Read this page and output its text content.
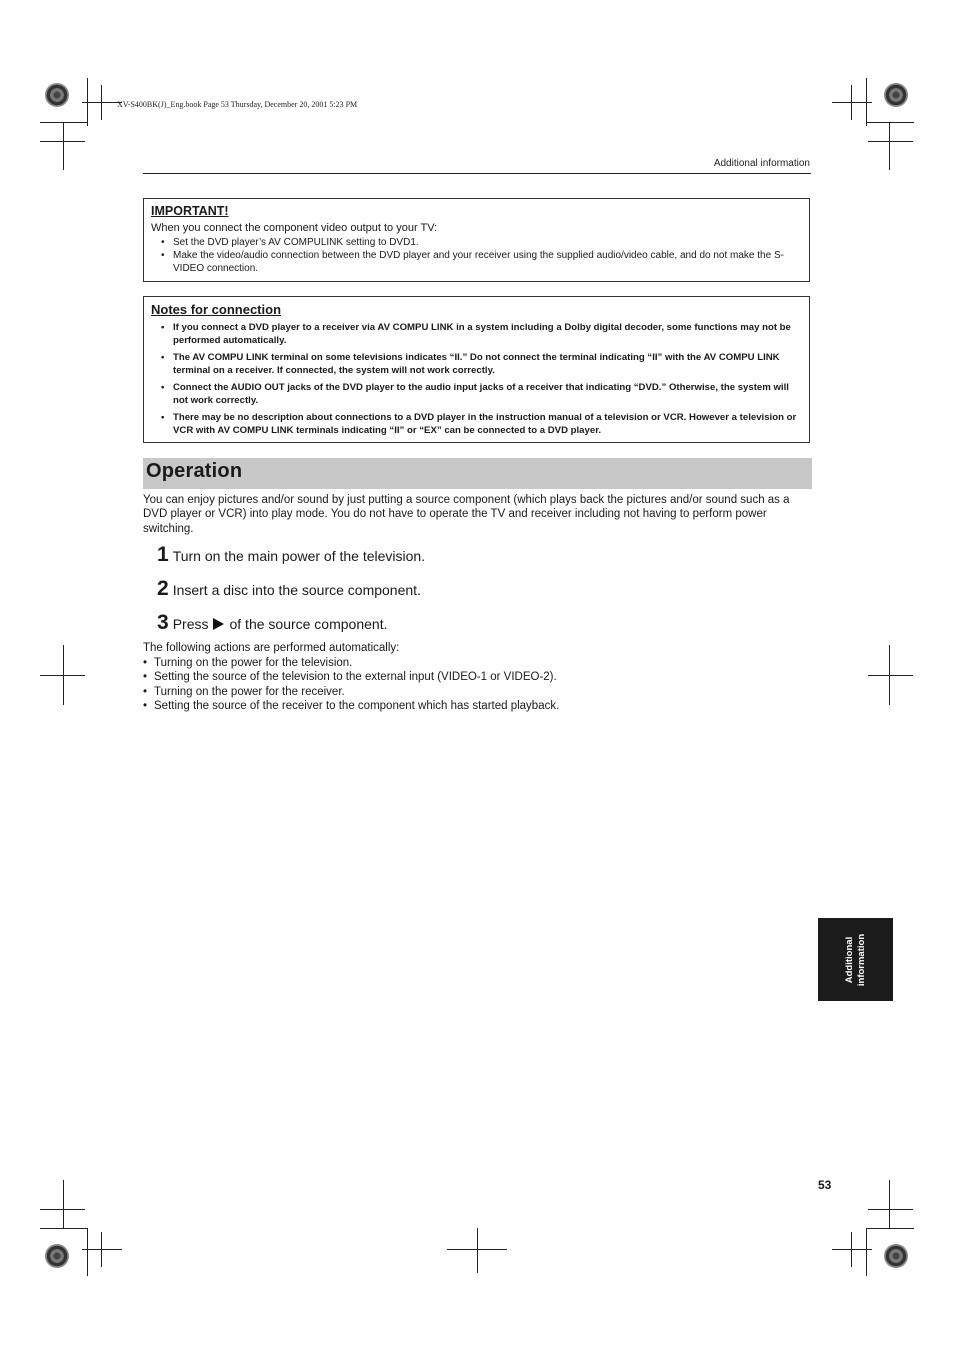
XV-S400BK(J)_Eng.book Page 53 Thursday, December 20, 2001 5:23 PM
Additional information

IMPORTANT!

When you connect the component video output to your TV:

• Set the DVD player’s AV COMPULINK setting to DVD1.
• Make the video/audio connection between the DVD player and your receiver using the supplied audio/video cable, and do not make the S-VIDEO connection.

Notes for connection

• If you connect a DVD player to a receiver via AV COMPU LINK in a system including a Dolby digital decoder, some functions may not be performed automatically.
• The AV COMPU LINK terminal on some televisions indicates “II.” Do not connect the terminal indicating “II” with the AV COMPU LINK terminal on a receiver. If connected, the system will not work correctly.
• Connect the AUDIO OUT jacks of the DVD player to the audio input jacks of a receiver that indicating “DVD.” Otherwise, the system will not work correctly.
• There may be no description about connections to a DVD player in the instruction manual of a television or VCR. However a television or VCR with AV COMPU LINK terminals indicating “II” or “EX” can be connected to a DVD player.
Operation
You can enjoy pictures and/or sound by just putting a source component (which plays back the pictures and/or sound such as a DVD player or VCR) into play mode. You do not have to operate the TV and receiver including not having to perform power switching.
1 Turn on the main power of the television.
2 Insert a disc into the source component.
3 Press of the source component.

The following actions are performed automatically:

• Turning on the power for the television.
• Setting the source of the television to the external input (VIDEO-1 or VIDEO-2).
• Turning on the power for the receiver.
• Setting the source of the receiver to the component which has started playback.
Additional information
53
